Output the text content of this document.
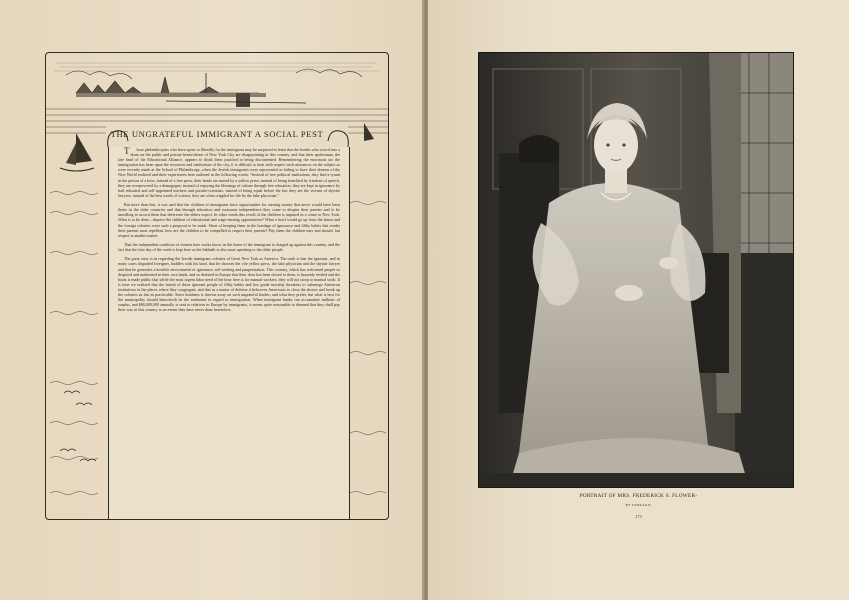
THE UNGRATEFUL IMMIGRANT A SOCIAL PEST

Those philanthropists who have spent so liberally for the immigrant may be surprised to learn that the hordes who crowd into a drain on the public and private benevolence of New York City are disappointing in this country, and that their spokesman, the late head of the Educational Alliance, appears to think them justified in being discontented. Remembering the enormous tax the immigration has been upon the resources and institutions of the city, it is difficult to treat with respect such utterances on the subject as were recently made at the School of Philanthropy, when the Jewish immigrants were represented as failing to have their dreams of the New World realized and their experiences here outlined in the following words: “Instead of free political institutions, they find a tyrant in the person of a boss; instead of a free press, their heads are turned by a yellow press; instead of being benefited by freedom of speech, they are overpowered by a demagogue; instead of enjoying the blessings of culture through free education, they are kept in ignorance by half educated and self-appointed teachers and pseudo-scientists; instead of being equal before the law they are the victims of shyster lawyers; instead of the best words of science, they are often crippled for life by the fake physician.”

But more than this, it was said that the children of immigrants have opportunities for earning money that never would have been theirs in the older countries and that through education and economic independence they come to despise their parents and to be unwilling to accord them that deference the elders expect. In other words this revolt of the children is imputed as a crime to New York. What is to be done—deprive the children of educational and wage-earning opportunities? What a howl would go up from the slums and the foreign colonies were such a proposal to be made. Short of keeping them in the bondage of ignorance and filthy habits that render their parents most repellent, how are the children to be compelled to respect their parents? Pity them the children may and should, but respect is another matter.

That the independent condition of women here works havoc in the home of the immigrant is charged up against this country, and the fact that the first day of the week is kept here as the Sabbath is also most upsetting to the older people.

The great error is in regarding the Jewish immigrant colonies of Great New York as America. The truth is that the ignorant, and in many cases degraded foreigner, huddles with his kind, that he chooses the vile yellow press, the fake physician and the shyster lawyer and that he generates a horrible environment of ignorance, self-seeking and pauperization. This country, which has welcomed people so despised and maltreated in their own lands, and so detested in Europe that their door has been closed to them, is brazenly reviled and the boast is made public that while the most urgent labor need of the hour here is for manual workers, they will not stoop to manual work. It is time we realized that the inrush of these ignorant people of filthy habits and low grade morality threatens to submerge American institutions in the places where they congregate, and that as a matter of defense it behooves Americans to close the sluices and break up the colonies as fast as practicable. Since kindness is thrown away on such ungrateful hordes, and what they prefer, but what is best for the municipality should henceforth be the sentiment in regard to immigration. When immigrant banks can accumulate millions of surplus, and $80,000,000 annually is sent to relatives in Europe by immigrants, it seems quite reasonable to demand that they shall pay their way in this country to an extent they have never done heretofore.

PORTRAIT OF MRS. FREDERICK S. FLOWER-

BY FERRARIS

173
